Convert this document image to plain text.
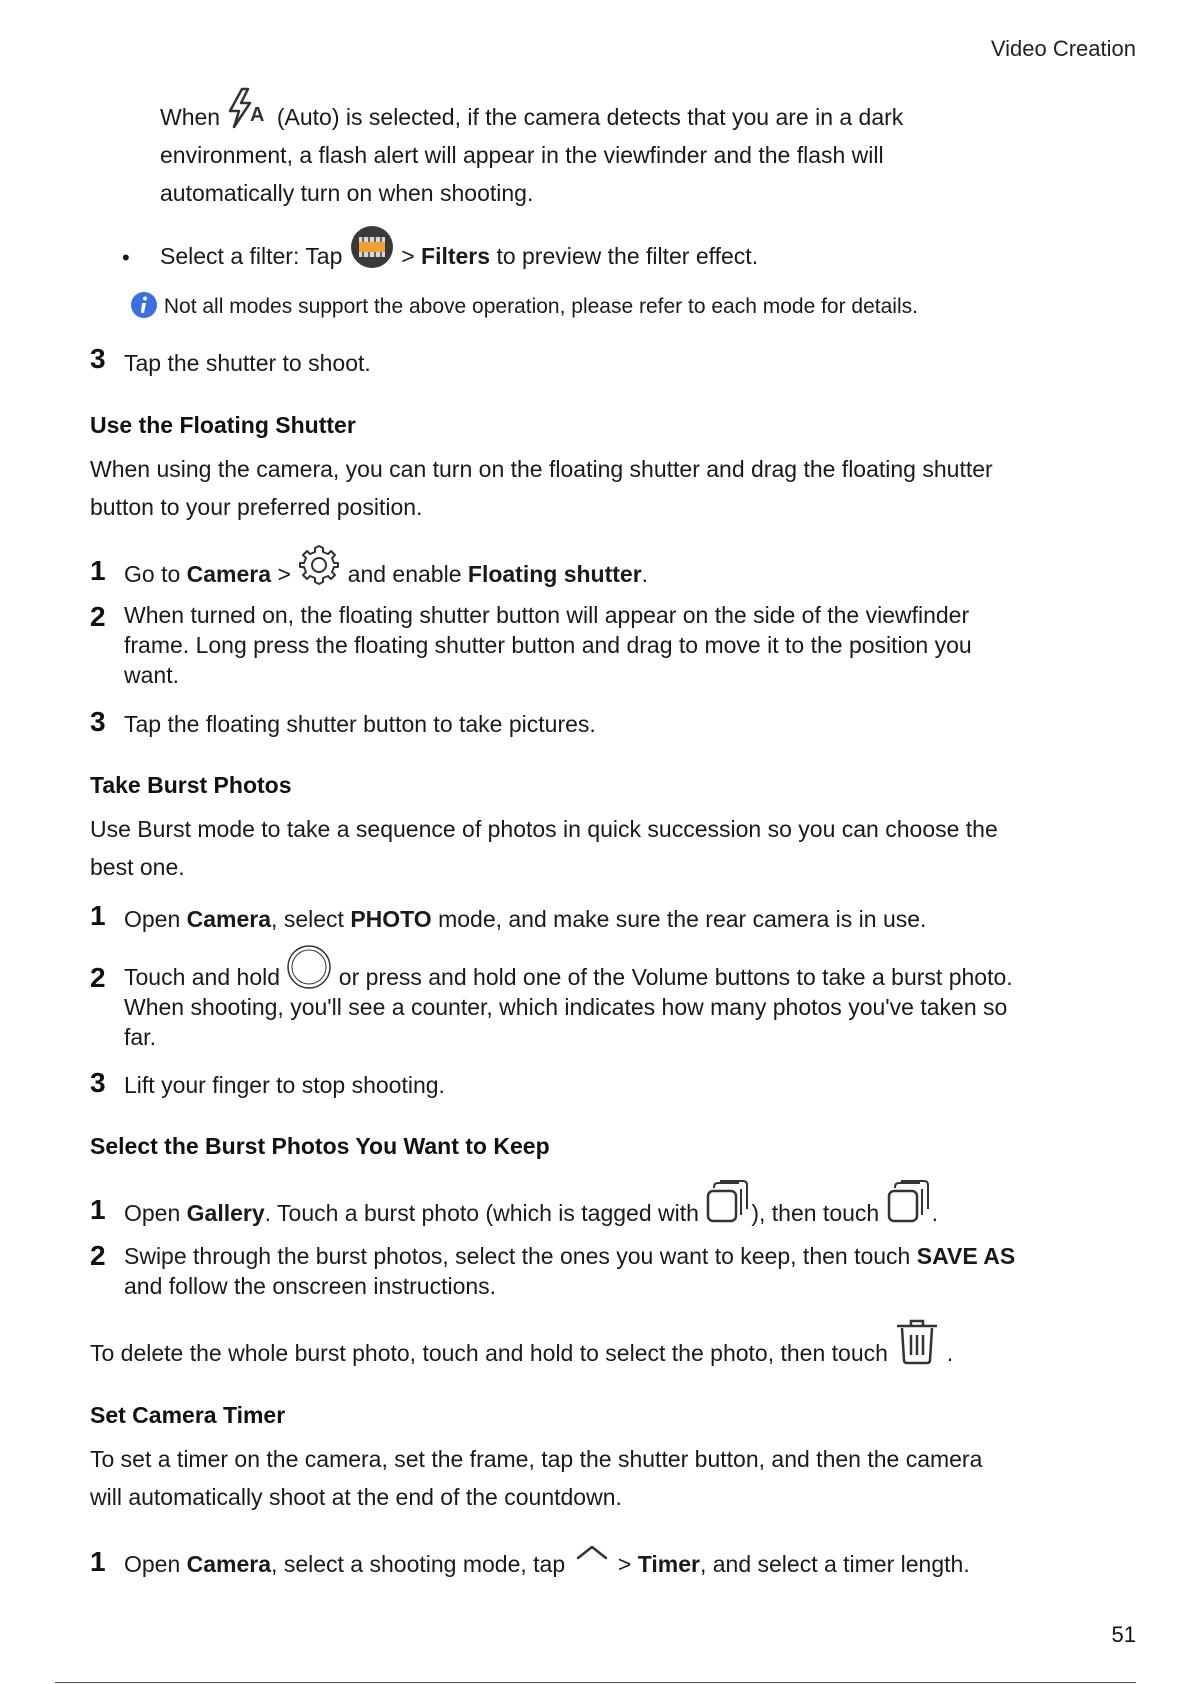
Video Creation
When A (Auto) is selected, if the camera detects that you are in a dark
environment, a flash alert will appear in the viewfinder and the flash will
automatically turn on when shooting.
• Select a filter: Tap	> Filters to preview the filter effect.
Not all modes support the above operation, please refer to each mode for details.
3 Tap the shutter to shoot.
Use the Floating Shutter
When using the camera, you can turn on the floating shutter and drag the floating shutter
button to your preferred position.
1 Go to Camera > and enable Floating shutter.
2 When turned on, the floating shutter button will appear on the side of the viewfinder
frame. Long press the floating shutter button and drag to move it to the position you
want.
3 Tap the floating shutter button to take pictures.
Take Burst Photos
Use Burst mode to take a sequence of photos in quick succession so you can choose the
best one.
1 Open Camera, select PHOTO mode, and make sure the rear camera is in use.
2 Touch and hold	or press and hold one of the Volume buttons to take a burst photo.
When shooting, you'll see a counter, which indicates how many photos you've taken so
far.
3 Lift your finger to stop shooting.
Select the Burst Photos You Want to Keep
1 Open Gallery. Touch a burst photo (which is tagged with ), then touch .
2 Swipe through the burst photos, select the ones you want to keep, then touch SAVE AS
and follow the onscreen instructions.
To delete the whole burst photo, touch and hold to select the photo, then touch	.
Set Camera Timer
To set a timer on the camera, set the frame, tap the shutter button, and then the camera
will automatically shoot at the end of the countdown.
1 Open Camera, select a shooting mode, tap > Timer, and select a timer length.
51
